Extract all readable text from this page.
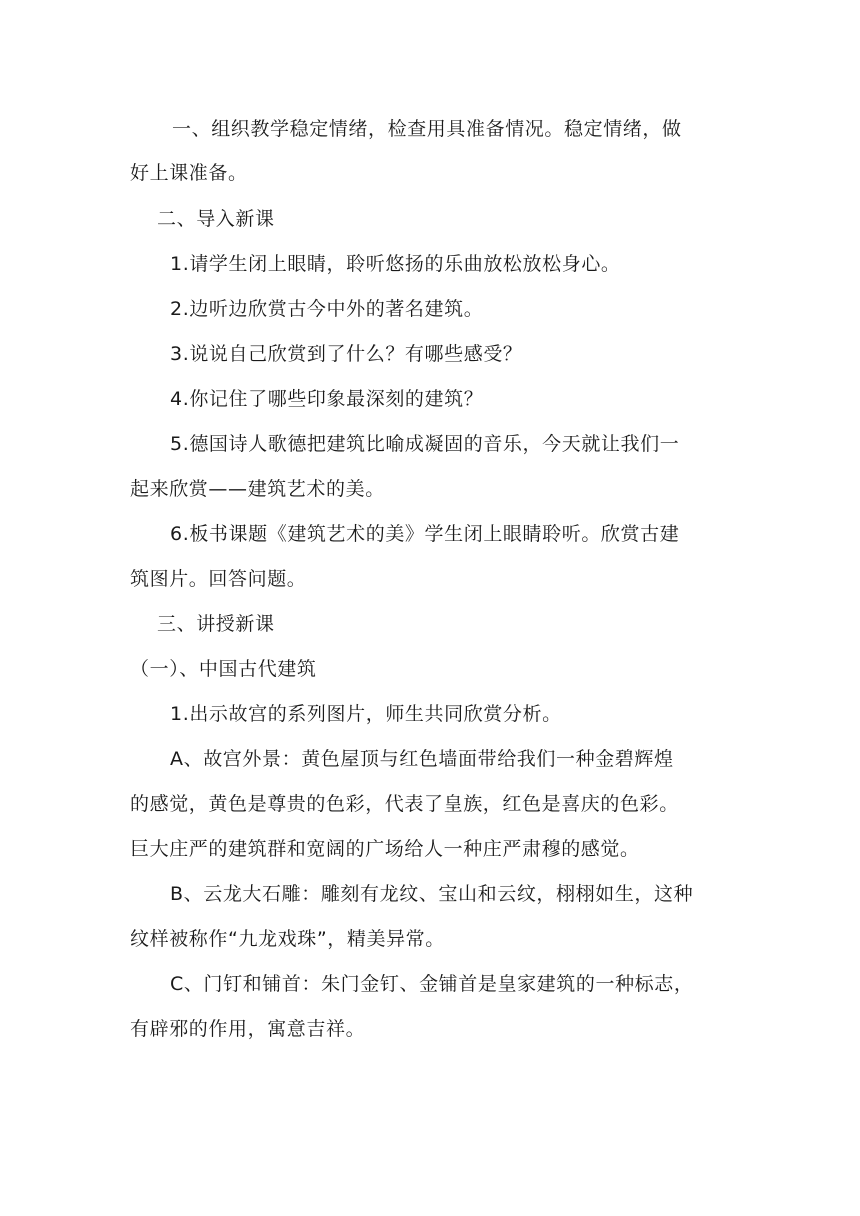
一、组织教学稳定情绪，检查用具准备情况。稳定情绪，做

好上课准备。

二、导入新课

1.请学生闭上眼睛，聆听悠扬的乐曲放松放松身心。

2.边听边欣赏古今中外的著名建筑。

3.说说自己欣赏到了什么？有哪些感受？

4.你记住了哪些印象最深刻的建筑？

5.德国诗人歌德把建筑比喻成凝固的音乐，今天就让我们一

起来欣赏——建筑艺术的美。

6.板书课题《建筑艺术的美》学生闭上眼睛聆听。欣赏古建

筑图片。回答问题。

三、讲授新课

（一）、中国古代建筑

1.出示故宫的系列图片，师生共同欣赏分析。

A、故宫外景：黄色屋顶与红色墙面带给我们一种金碧辉煌

的感觉，黄色是尊贵的色彩，代表了皇族，红色是喜庆的色彩。

巨大庄严的建筑群和宽阔的广场给人一种庄严肃穆的感觉。

B、云龙大石雕：雕刻有龙纹、宝山和云纹，栩栩如生，这种

纹样被称作“九龙戏珠”，精美异常。

C、门钉和铺首：朱门金钉、金铺首是皇家建筑的一种标志，

有辟邪的作用，寓意吉祥。
